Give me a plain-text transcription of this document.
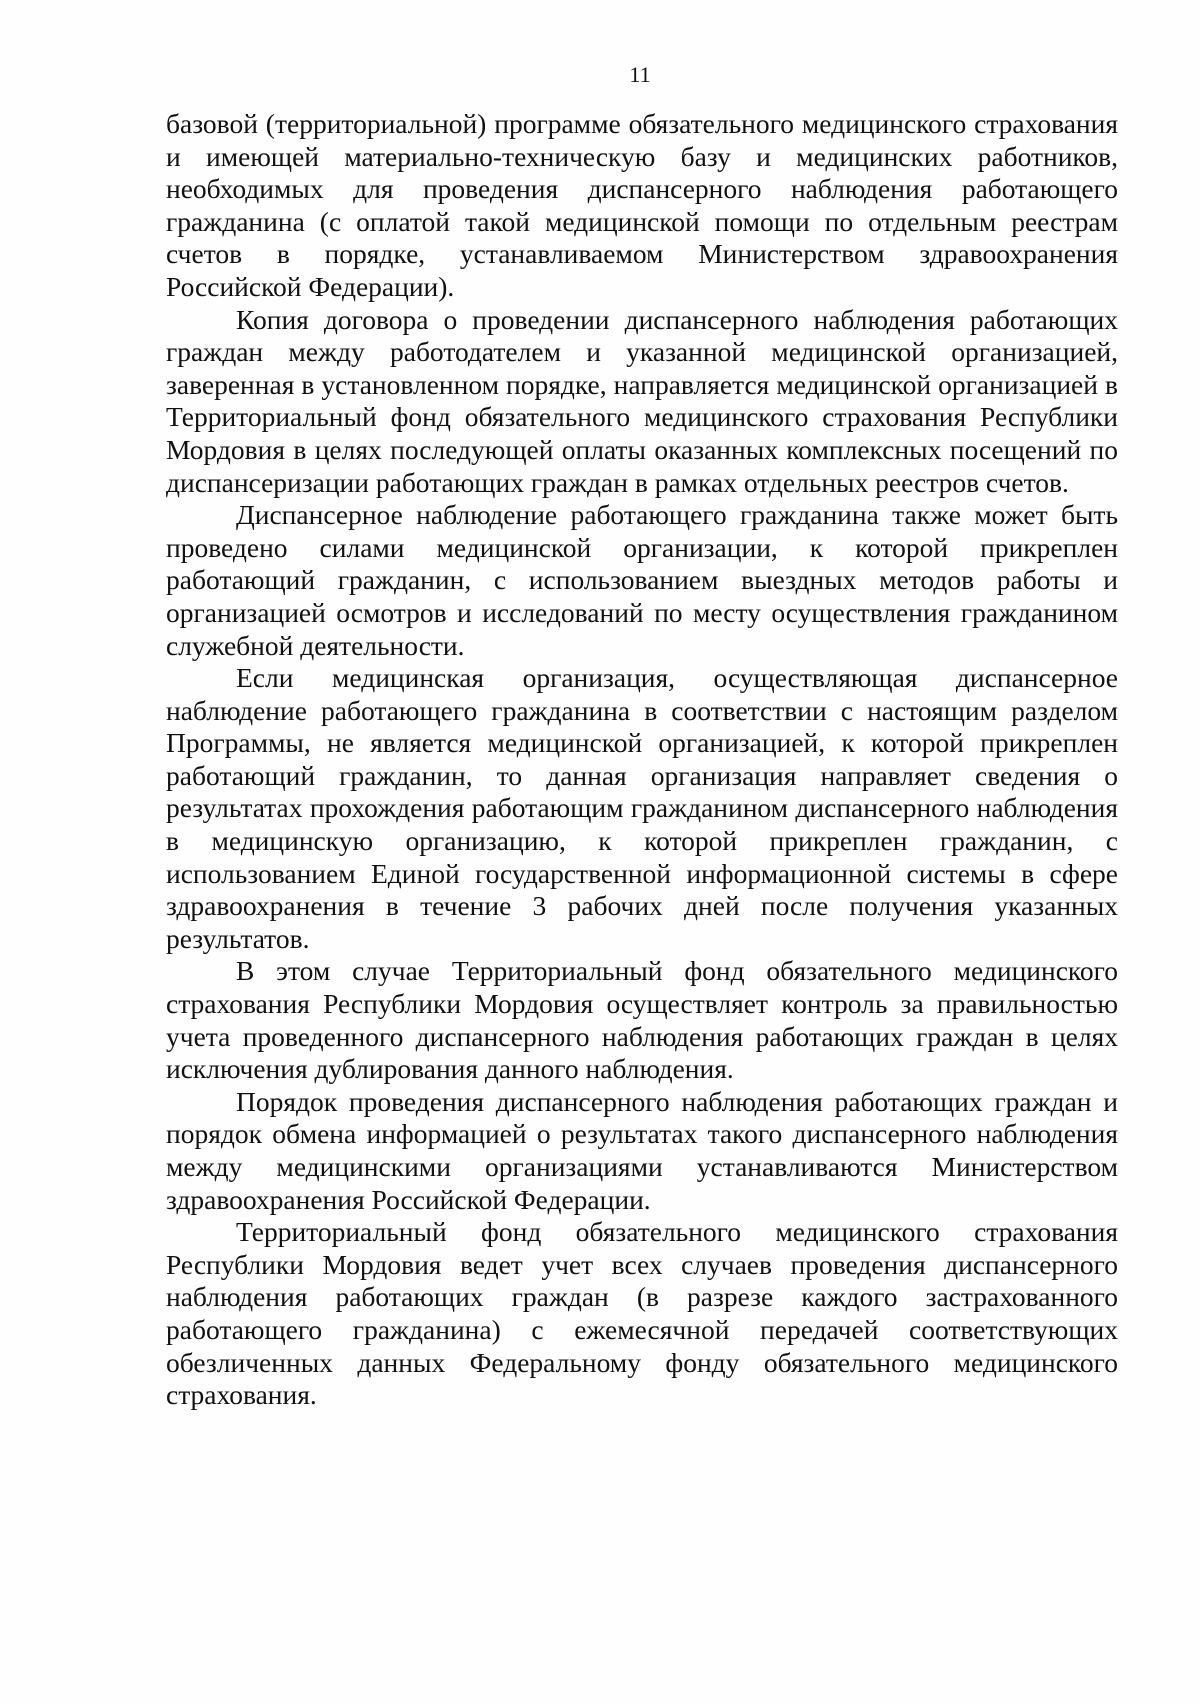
11

базовой (территориальной) программе обязательного медицинского страхования и имеющей материально-техническую базу и медицинских работников, необходимых для проведения диспансерного наблюдения работающего гражданина (с оплатой такой медицинской помощи по отдельным реестрам счетов в порядке, устанавливаемом Министерством здравоохранения Российской Федерации).

Копия договора о проведении диспансерного наблюдения работающих граждан между работодателем и указанной медицинской организацией, заверенная в установленном порядке, направляется медицинской организацией в Территориальный фонд обязательного медицинского страхования Республики Мордовия в целях последующей оплаты оказанных комплексных посещений по диспансеризации работающих граждан в рамках отдельных реестров счетов.

Диспансерное наблюдение работающего гражданина также может быть проведено силами медицинской организации, к которой прикреплен работающий гражданин, с использованием выездных методов работы и организацией осмотров и исследований по месту осуществления гражданином служебной деятельности.

Если медицинская организация, осуществляющая диспансерное наблюдение работающего гражданина в соответствии с настоящим разделом Программы, не является медицинской организацией, к которой прикреплен работающий гражданин, то данная организация направляет сведения о результатах прохождения работающим гражданином диспансерного наблюдения в медицинскую организацию, к которой прикреплен гражданин, с использованием Единой государственной информационной системы в сфере здравоохранения в течение 3 рабочих дней после получения указанных результатов.

В этом случае Территориальный фонд обязательного медицинского страхования Республики Мордовия осуществляет контроль за правильностью учета проведенного диспансерного наблюдения работающих граждан в целях исключения дублирования данного наблюдения.

Порядок проведения диспансерного наблюдения работающих граждан и порядок обмена информацией о результатах такого диспансерного наблюдения между медицинскими организациями устанавливаются Министерством здравоохранения Российской Федерации.

Территориальный фонд обязательного медицинского страхования Республики Мордовия ведет учет всех случаев проведения диспансерного наблюдения работающих граждан (в разрезе каждого застрахованного работающего гражданина) с ежемесячной передачей соответствующих обезличенных данных Федеральному фонду обязательного медицинского страхования.
